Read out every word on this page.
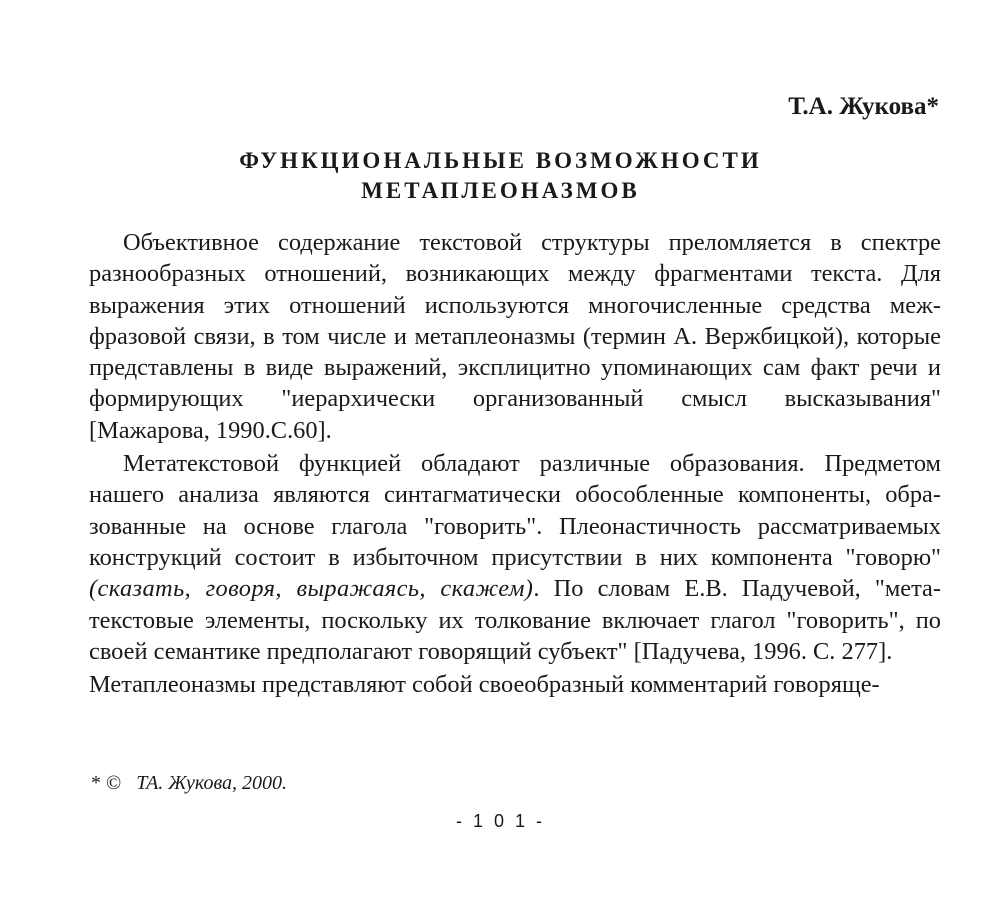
Т.А. Жукова*

ФУНКЦИОНАЛЬНЫЕ ВОЗМОЖНОСТИ
МЕТАПЛЕОНАЗМОВ

Объективное содержание текстовой структуры преломляется в спектре разнообразных отношений, возникающих между фрагментами текста. Для выражения этих отношений используются многочисленные средства межфразовой связи, в том числе и метаплеоназмы (термин А. Вержбицкой), которые представлены в виде выражений, эксплицитно упоминающих сам факт речи и формирующих "иерархически организованный смысл высказывания" [Мажарова, 1990.С.60].

Метатекстовой функцией обладают различные образования. Предметом нашего анализа являются синтагматически обособленные компоненты, образованные на основе глагола "говорить". Плеонастичность рассматриваемых конструкций состоит в избыточном присутствии в них компонента "говорю" (сказать, говоря, выражаясь, скажем). По словам Е.В. Падучевой, "метатекстовые элементы, поскольку их толкование включает глагол "говорить", по своей семантике предполагают говорящий субъект" [Падучева, 1996. С. 277].

Метаплеоназмы представляют собой своеобразный комментарий говоряще-

* © ТА. Жукова, 2000.

- 1 0 1 -
